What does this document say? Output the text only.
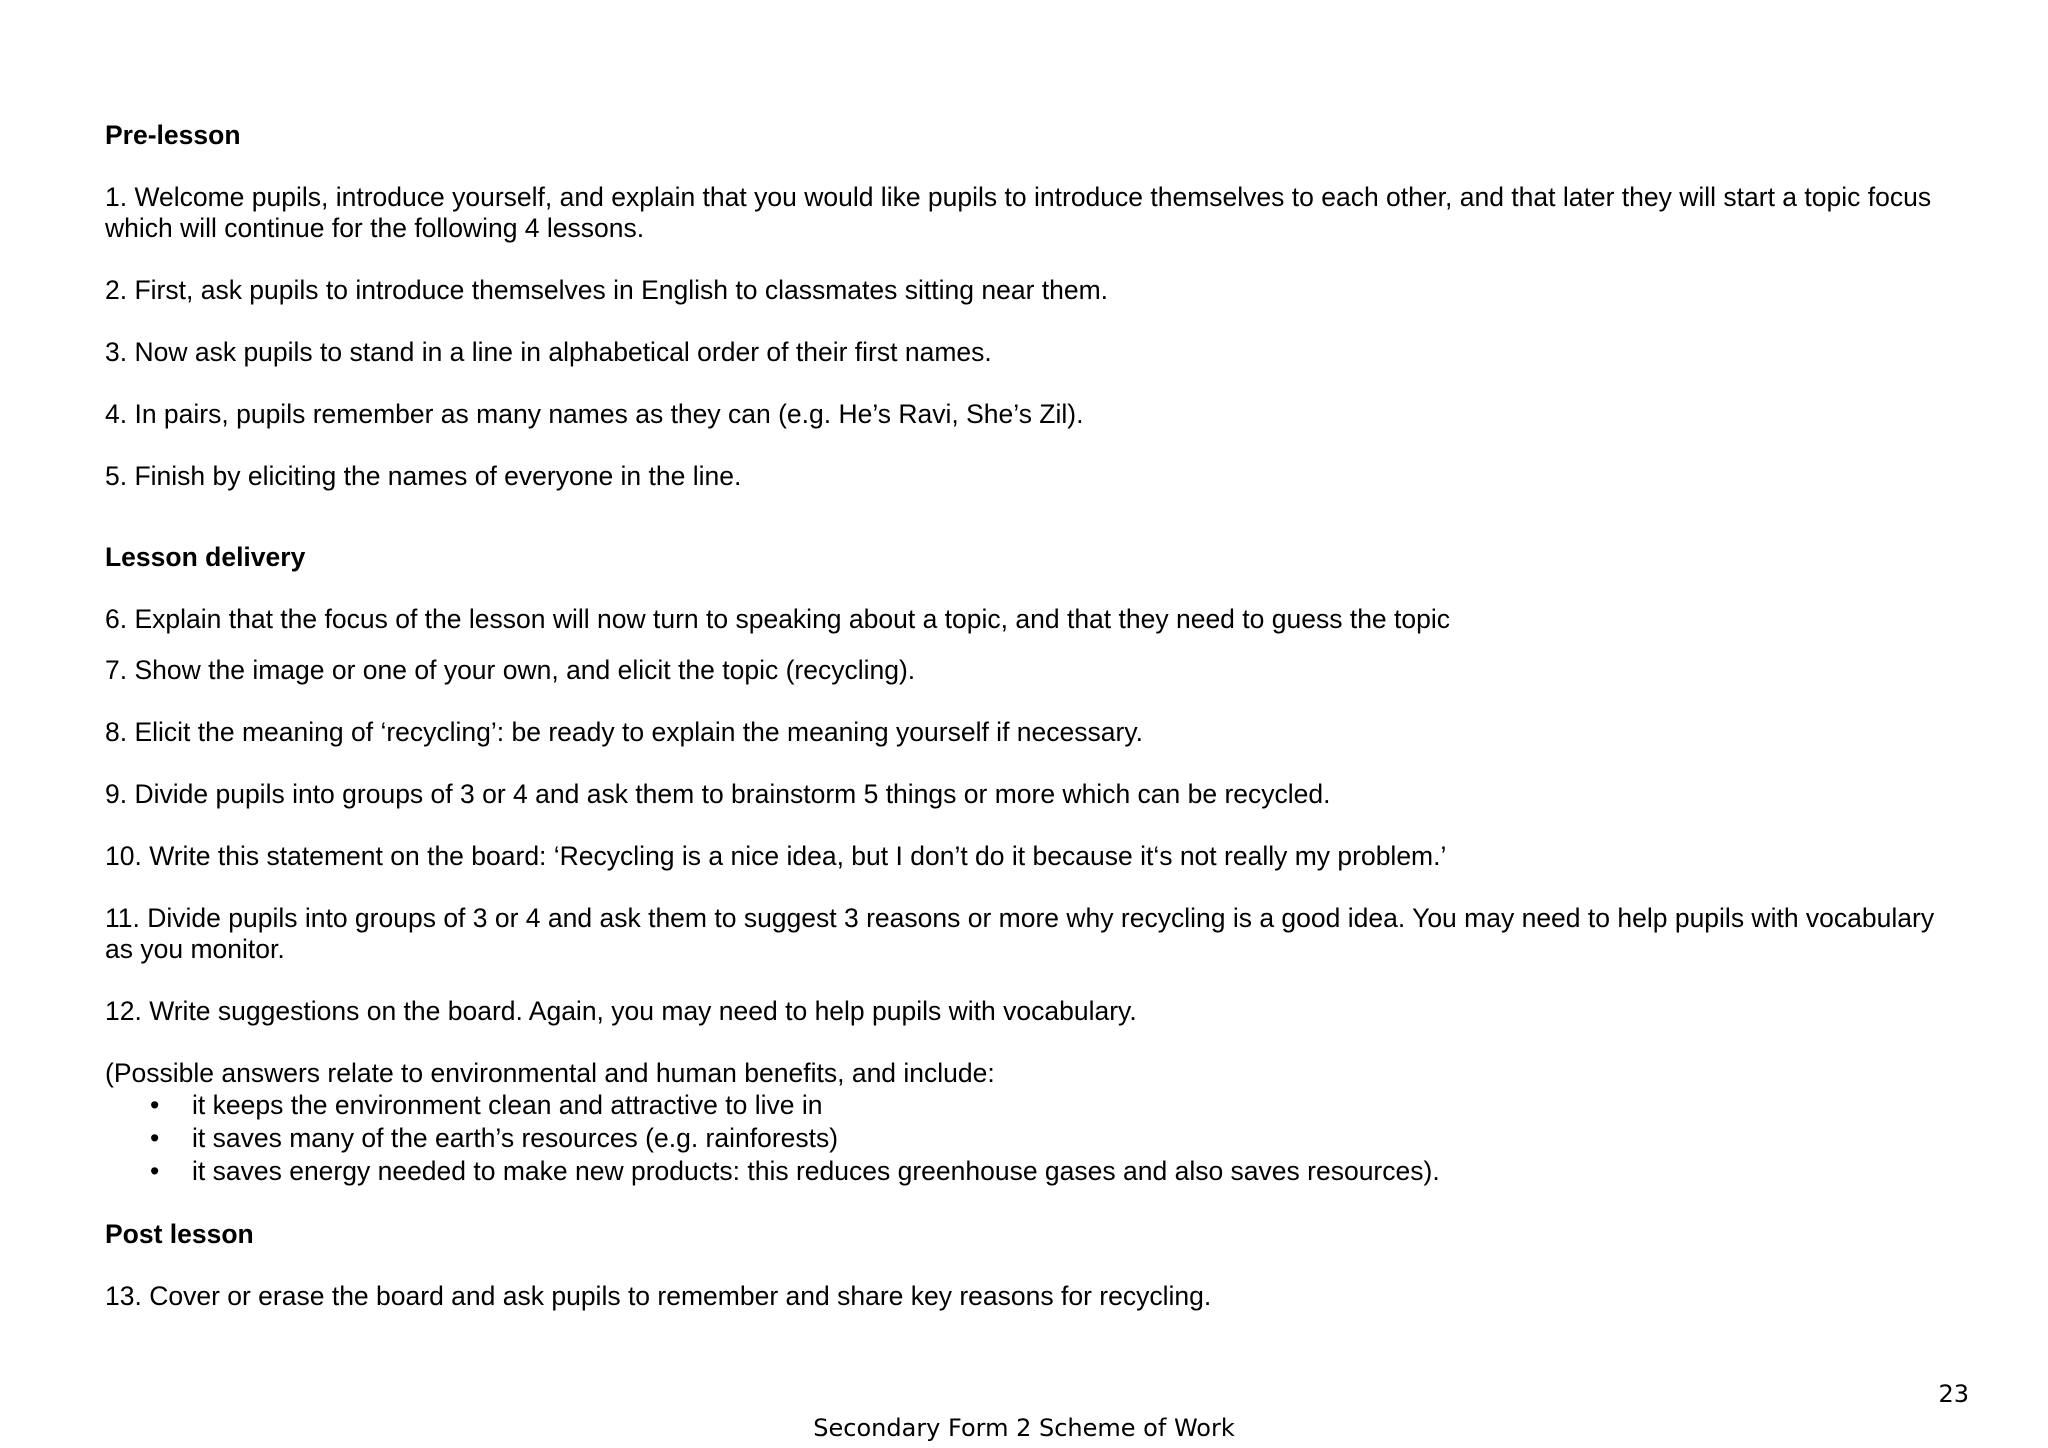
Pre-lesson

1. Welcome pupils, introduce yourself, and explain that you would like pupils to introduce themselves to each other, and that later they will start a topic focus which will continue for the following 4 lessons.

2. First, ask pupils to introduce themselves in English to classmates sitting near them.

3. Now ask pupils to stand in a line in alphabetical order of their first names.

4. In pairs, pupils remember as many names as they can (e.g. He’s Ravi, She’s Zil).

5. Finish by eliciting the names of everyone in the line.

Lesson delivery

6. Explain that the focus of the lesson will now turn to speaking about a topic, and that they need to guess the topic

7. Show the image or one of your own, and elicit the topic (recycling).

8. Elicit the meaning of ‘recycling’: be ready to explain the meaning yourself if necessary.

9. Divide pupils into groups of 3 or 4 and ask them to brainstorm 5 things or more which can be recycled.

10. Write this statement on the board: ‘Recycling is a nice idea, but I don’t do it because it‘s not really my problem.’

11. Divide pupils into groups of 3 or 4 and ask them to suggest 3 reasons or more why recycling is a good idea. You may need to help pupils with vocabulary as you monitor.

12. Write suggestions on the board. Again, you may need to help pupils with vocabulary.

(Possible answers relate to environmental and human benefits, and include:

• it keeps the environment clean and attractive to live in
• it saves many of the earth’s resources (e.g. rainforests)
• it saves energy needed to make new products: this reduces greenhouse gases and also saves resources).

Post lesson

13. Cover or erase the board and ask pupils to remember and share key reasons for recycling.

23
Secondary Form 2 Scheme of Work
